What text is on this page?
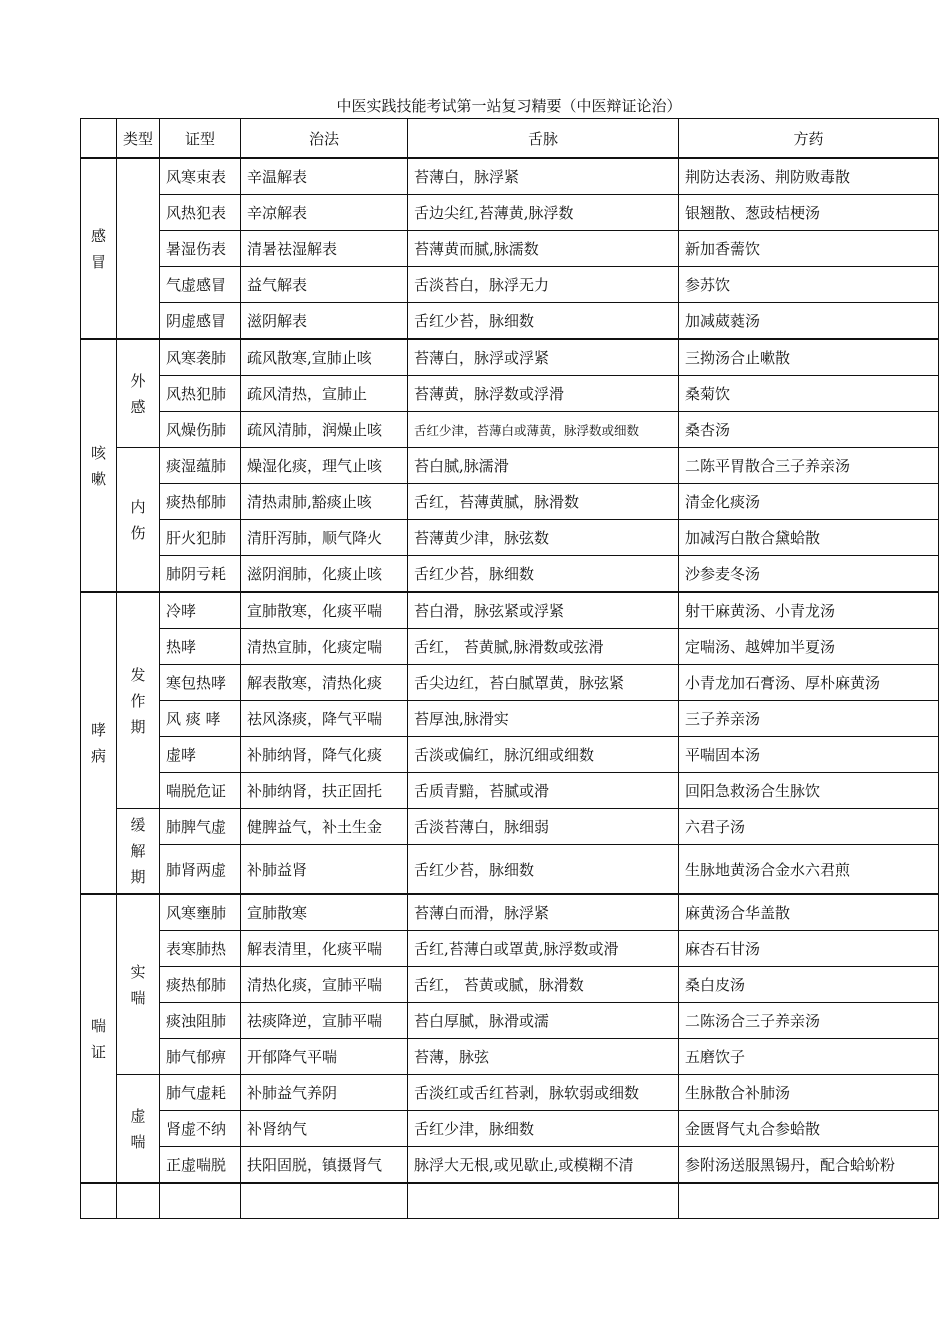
中医实践技能考试第一站复习精要（中医辩证论治）
	类型	证型	治法	舌脉	方药
感冒		风寒束表	辛温解表	苔薄白，脉浮紧	荆防达表汤、荆防败毒散
		风热犯表	辛凉解表	舌边尖红,苔薄黄,脉浮数	银翘散、葱豉桔梗汤
		暑湿伤表	清暑祛湿解表	苔薄黄而腻,脉濡数	新加香薷饮
		气虚感冒	益气解表	舌淡苔白，脉浮无力	参苏饮
		阴虚感冒	滋阴解表	舌红少苔，脉细数	加减葳蕤汤
咳嗽	外感	风寒袭肺	疏风散寒,宣肺止咳	苔薄白，脉浮或浮紧	三拗汤合止嗽散
		风热犯肺	疏风清热，宣肺止	苔薄黄，脉浮数或浮滑	桑菊饮
		风燥伤肺	疏风清肺，润燥止咳	舌红少津，苔薄白或薄黄，脉浮数或细数	桑杏汤
	内伤	痰湿蕴肺	燥湿化痰，理气止咳	苔白腻,脉濡滑	二陈平胃散合三子养亲汤
		痰热郁肺	清热肃肺,豁痰止咳	舌红，苔薄黄腻，脉滑数	清金化痰汤
		肝火犯肺	清肝泻肺，顺气降火	苔薄黄少津，脉弦数	加减泻白散合黛蛤散
		肺阴亏耗	滋阴润肺，化痰止咳	舌红少苔，脉细数	沙参麦冬汤
哮病	发作期	冷哮	宣肺散寒，化痰平喘	苔白滑，脉弦紧或浮紧	射干麻黄汤、小青龙汤
		热哮	清热宣肺，化痰定喘	舌红， 苔黄腻,脉滑数或弦滑	定喘汤、越婢加半夏汤
		寒包热哮	解表散寒，清热化痰	舌尖边红，苔白腻罩黄，脉弦紧	小青龙加石膏汤、厚朴麻黄汤
		风 痰 哮	祛风涤痰，降气平喘	苔厚浊,脉滑实	三子养亲汤
		虚哮	补肺纳肾，降气化痰	舌淡或偏红，脉沉细或细数	平喘固本汤
		喘脱危证	补肺纳肾，扶正固托	舌质青黯，苔腻或滑	回阳急救汤合生脉饮
	缓解期	肺脾气虚	健脾益气，补土生金	舌淡苔薄白，脉细弱	六君子汤
		肺肾两虚	补肺益肾	舌红少苔，脉细数	生脉地黄汤合金水六君煎
喘证	实喘	风寒壅肺	宣肺散寒	苔薄白而滑，脉浮紧	麻黄汤合华盖散
		表寒肺热	解表清里，化痰平喘	舌红,苔薄白或罩黄,脉浮数或滑	麻杏石甘汤
		痰热郁肺	清热化痰，宣肺平喘	舌红， 苔黄或腻，脉滑数	桑白皮汤
		痰浊阻肺	祛痰降逆，宣肺平喘	苔白厚腻，脉滑或濡	二陈汤合三子养亲汤
		肺气郁痹	开郁降气平喘	苔薄，脉弦	五磨饮子
	虚喘	肺气虚耗	补肺益气养阴	舌淡红或舌红苔剥，脉软弱或细数	生脉散合补肺汤
		肾虚不纳	补肾纳气	舌红少津，脉细数	金匮肾气丸合参蛤散
		正虚喘脱	扶阳固脱，镇摄肾气	脉浮大无根,或见歇止,或模糊不清	参附汤送服黑锡丹，配合蛤蚧粉
